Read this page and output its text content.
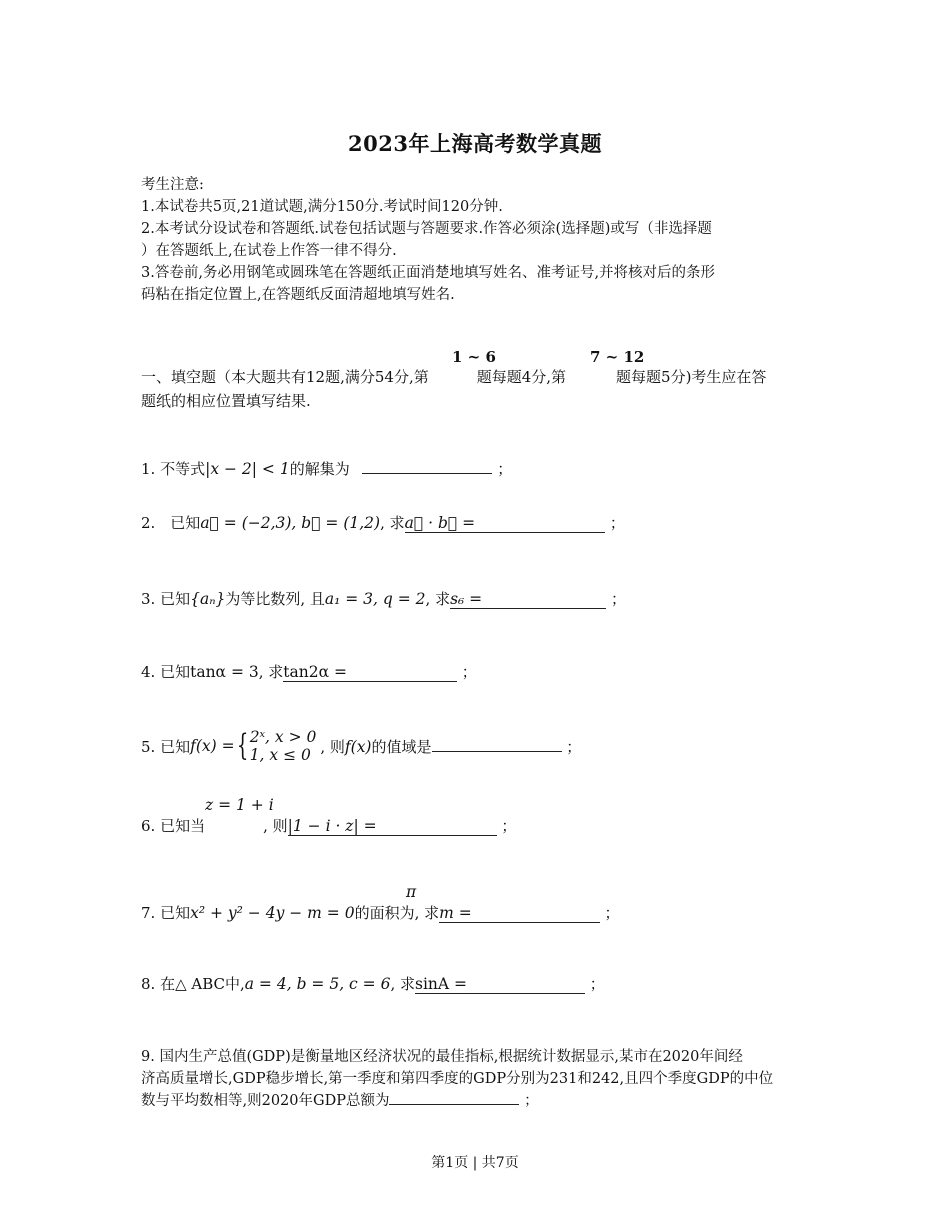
2023年上海高考数学真题
考生注意:
1.本试卷共5页,21道试题,满分150分.考试时间120分钟.
2.本考试分设试卷和答题纸.试卷包括试题与答题要求.作答必须涂(选择题)或写（非选择题
）在答题纸上,在试卷上作答一律不得分.
3.答卷前,务必用钢笔或圆珠笔在答题纸正面消楚地填写姓名、准考证号,并将核对后的条形
码粘在指定位置上,在答题纸反面清超地填写姓名.
1 ~ 6	7 ~ 12
一、填空题（本大题共有12题,满分54分,第	题每题4分,第	题每题5分)考生应在答
题纸的相应位置填写结果.
1. 不等式|x − 2| < 1的解集为	；
2.　已知a⃗ = (−2,3), b⃗ = (1,2), 求a⃗ · b⃗ =	；
3. 已知{aₙ}为等比数列, 且a₁ = 3, q = 2, 求s₆ =	；
4. 已知tanα = 3, 求tan2α =	；
5. 已知f(x) ={ 2ˣ, x > 0
1, x ≤ 0 , 则f(x)的值域是	；
z = 1 + i
6. 已知当	, 则|1 − i · z| =	；
π
7. 已知x² + y² − 4y − m = 0的面积为, 求m =	；
8. 在△ ABC中,a = 4, b = 5, c = 6, 求sinA =	；
9. 国内生产总值(GDP)是衡量地区经济状况的最佳指标,根据统计数据显示,某市在2020年间经
济高质量增长,GDP稳步增长,第一季度和第四季度的GDP分别为231和242,且四个季度GDP的中位
数与平均数相等,则2020年GDP总额为	；
第1页 | 共7页
